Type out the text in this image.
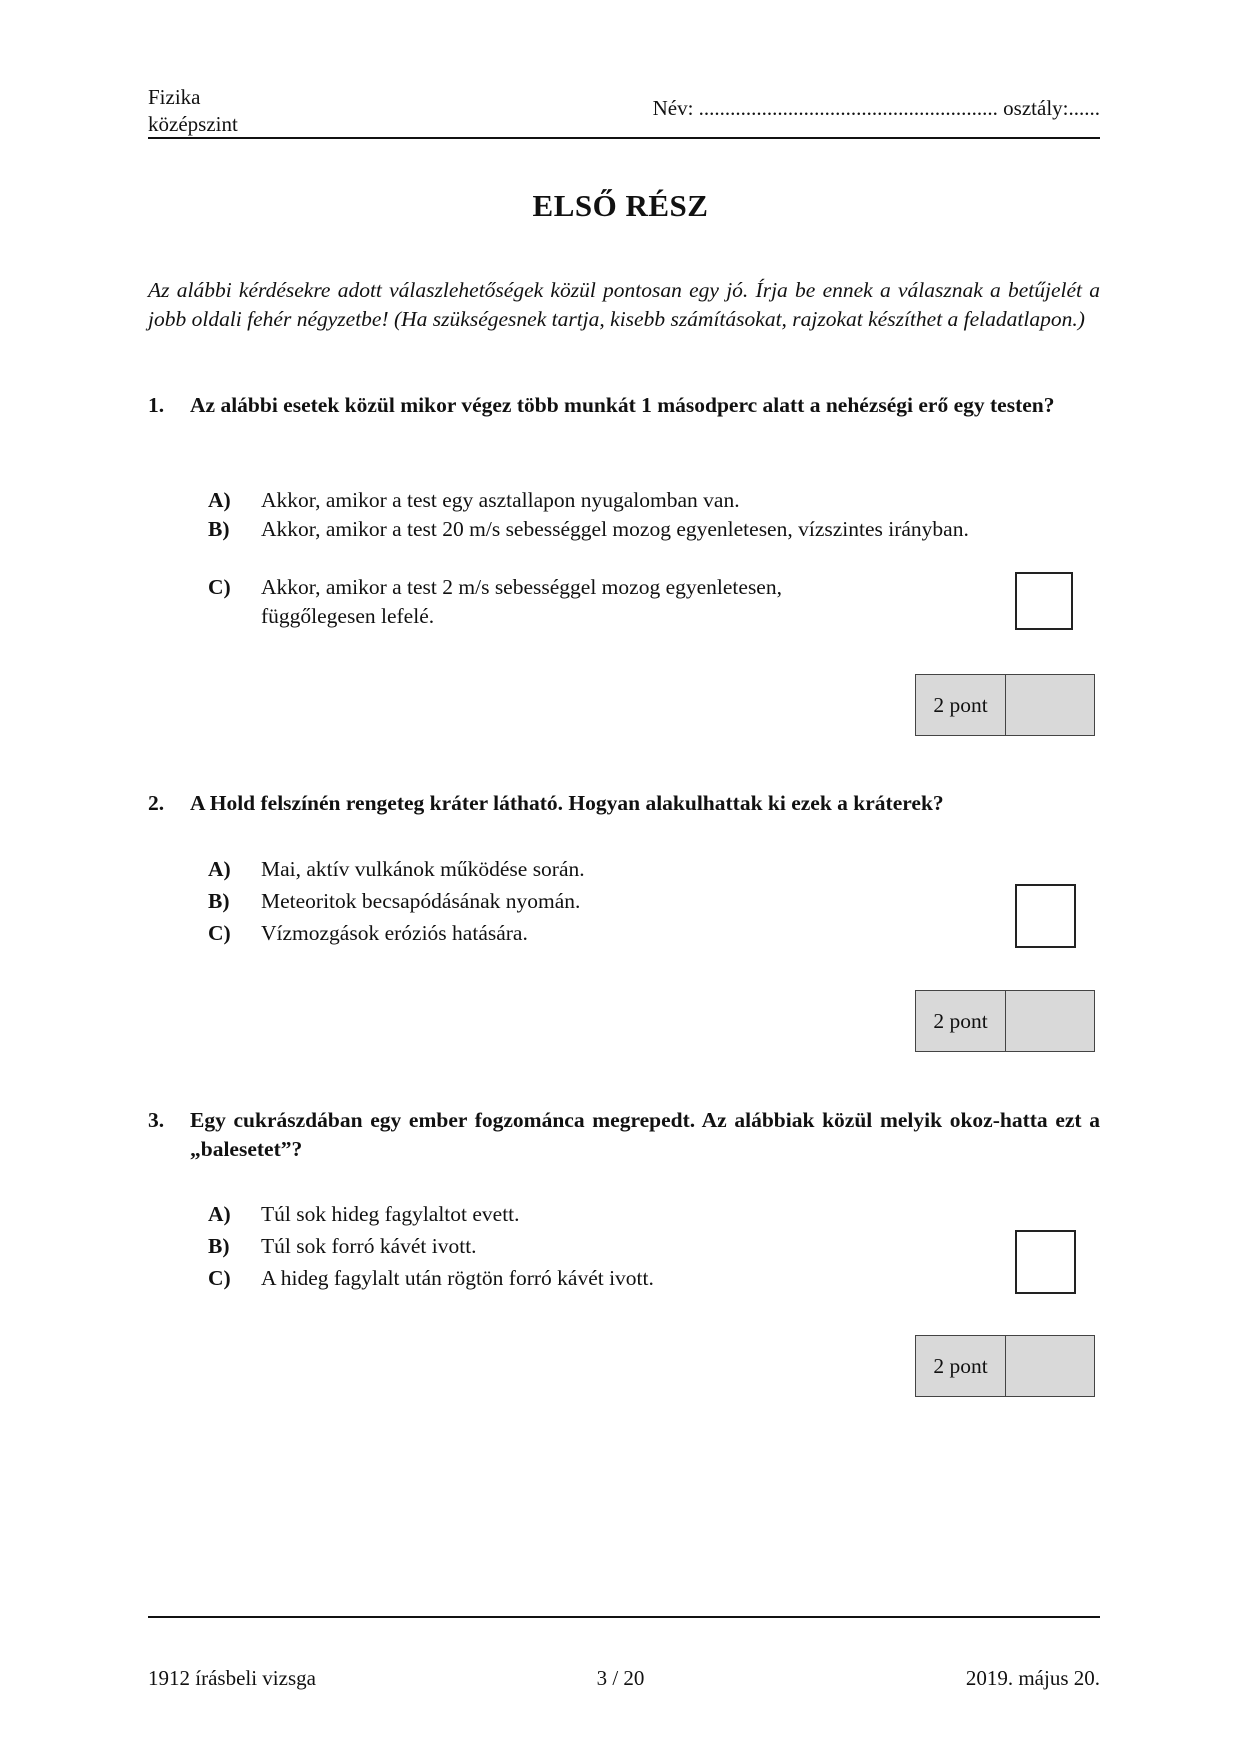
Fizika
középszint
Név: ......................................................... osztály:......
ELSŐ RÉSZ
Az alábbi kérdésekre adott válaszlehetőségek közül pontosan egy jó. Írja be ennek a válasznak a betűjelét a jobb oldali fehér négyzetbe! (Ha szükségesnek tartja, kisebb számításokat, rajzokat készíthet a feladatlapon.)
1. Az alábbi esetek közül mikor végez több munkát 1 másodperc alatt a nehézségi erő egy testen?
A) Akkor, amikor a test egy asztallapon nyugalomban van.
B) Akkor, amikor a test 20 m/s sebességgel mozog egyenletesen, vízszintes irányban.
C) Akkor, amikor a test 2 m/s sebességgel mozog egyenletesen, függőlegesen lefelé.
2 pont
2. A Hold felszínén rengeteg kráter látható. Hogyan alakulhattak ki ezek a kráterek?
A) Mai, aktív vulkánok működése során.
B) Meteoritok becsapódásának nyomán.
C) Vízmozgások eróziós hatására.
2 pont
3. Egy cukrászdában egy ember fogzománca megrepedt. Az alábbiak közül melyik okoz-hatta ezt a „balesetet”?
A) Túl sok hideg fagylaltot evett.
B) Túl sok forró kávét ivott.
C) A hideg fagylalt után rögtön forró kávét ivott.
2 pont
1912 írásbeli vizsga	3 / 20	2019. május 20.
